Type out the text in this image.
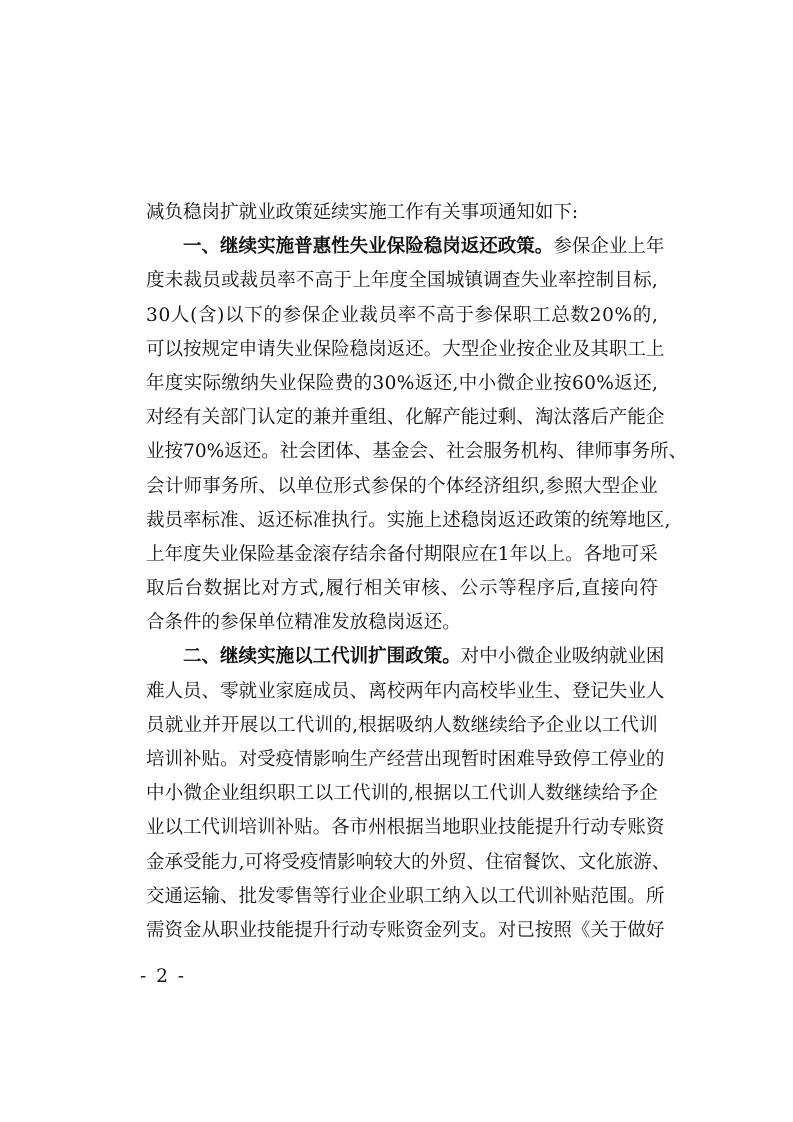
减 负 稳 岗 扩 就 业 政 策 延 续 实 施 工 作 有 关 事 项 通 知 如 下 :
一 、 继 续 实 施 普 惠 性 失 业 保 险 稳 岗 返 还 政 策 。 参 保 企 业 上 年
度 未 裁 员 或 裁 员 率 不 高 于 上 年 度 全 国 城 镇 调 查 失 业 率 控 制 目 标 ,
3 0 人 ( 含 ) 以 下 的 参 保 企 业 裁 员 率 不 高 于 参 保 职 工 总 数 2 0 % 的 ,
可 以 按 规 定 申 请 失 业 保 险 稳 岗 返 还 。 大 型 企 业 按 企 业 及 其 职 工 上
年 度 实 际 缴 纳 失 业 保 险 费 的 3 0 % 返 还 , 中 小 微 企 业 按 6 0 % 返 还 ,
对 经 有 关 部 门 认 定 的 兼 并 重 组 、 化 解 产 能 过 剩 、 淘 汰 落 后 产 能 企
业 按 7 0 % 返 还 。 社 会 团 体 、 基 金 会 、 社 会 服 务 机 构 、 律 师 事 务 所 、
会 计 师 事 务 所 、 以 单 位 形 式 参 保 的 个 体 经 济 组 织 , 参 照 大 型 企 业
裁 员 率 标 准 、 返 还 标 准 执 行 。 实 施 上 述 稳 岗 返 还 政 策 的 统 筹 地 区 ,
上 年 度 失 业 保 险 基 金 滚 存 结 余 备 付 期 限 应 在 1 年 以 上 。 各 地 可 采
取 后 台 数 据 比 对 方 式 , 履 行 相 关 审 核 、 公 示 等 程 序 后 , 直 接 向 符
合 条 件 的 参 保 单 位 精 准 发 放 稳 岗 返 还 。
二 、 继 续 实 施 以 工 代 训 扩 围 政 策 。 对 中 小 微 企 业 吸 纳 就 业 困
难 人 员 、 零 就 业 家 庭 成 员 、 离 校 两 年 内 高 校 毕 业 生 、 登 记 失 业 人
员 就 业 并 开 展 以 工 代 训 的 , 根 据 吸 纳 人 数 继 续 给 予 企 业 以 工 代 训
培 训 补 贴 。 对 受 疫 情 影 响 生 产 经 营 出 现 暂 时 困 难 导 致 停 工 停 业 的
中 小 微 企 业 组 织 职 工 以 工 代 训 的 , 根 据 以 工 代 训 人 数 继 续 给 予 企
业 以 工 代 训 培 训 补 贴 。 各 市 州 根 据 当 地 职 业 技 能 提 升 行 动 专 账 资
金 承 受 能 力 , 可 将 受 疫 情 影 响 较 大 的 外 贸 、 住 宿 餐 饮 、 文 化 旅 游 、
交 通 运 输 、 批 发 零 售 等 行 业 企 业 职 工 纳 入 以 工 代 训 补 贴 范 围 。 所
需 资 金 从 职 业 技 能 提 升 行 动 专 账 资 金 列 支 。 对 已 按 照 《 关 于 做 好
- 2 -
